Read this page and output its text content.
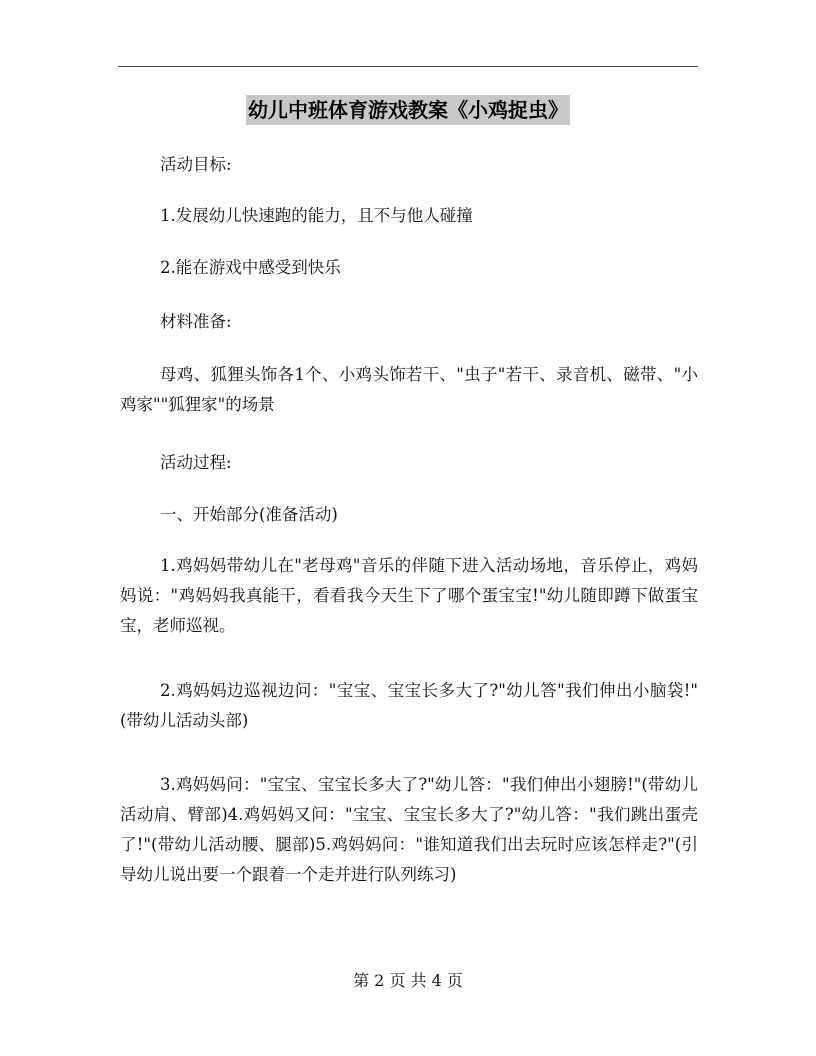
幼儿中班体育游戏教案《小鸡捉虫》
活动目标:
1.发展幼儿快速跑的能力，且不与他人碰撞
2.能在游戏中感受到快乐
材料准备:
母鸡、狐狸头饰各1个、小鸡头饰若干、"虫子"若干、录音机、磁带、"小鸡家""狐狸家"的场景
活动过程:
一、开始部分(准备活动)
1.鸡妈妈带幼儿在"老母鸡"音乐的伴随下进入活动场地，音乐停止，鸡妈妈说："鸡妈妈我真能干，看看我今天生下了哪个蛋宝宝!"幼儿随即蹲下做蛋宝宝，老师巡视。
2.鸡妈妈边巡视边问："宝宝、宝宝长多大了?"幼儿答"我们伸出小脑袋!"(带幼儿活动头部)
3.鸡妈妈问："宝宝、宝宝长多大了?"幼儿答："我们伸出小翅膀!"(带幼儿活动肩、臂部)4.鸡妈妈又问："宝宝、宝宝长多大了?"幼儿答："我们跳出蛋壳了!"(带幼儿活动腰、腿部)5.鸡妈妈问："谁知道我们出去玩时应该怎样走?"(引导幼儿说出要一个跟着一个走并进行队列练习)
第 2 页 共 4 页
